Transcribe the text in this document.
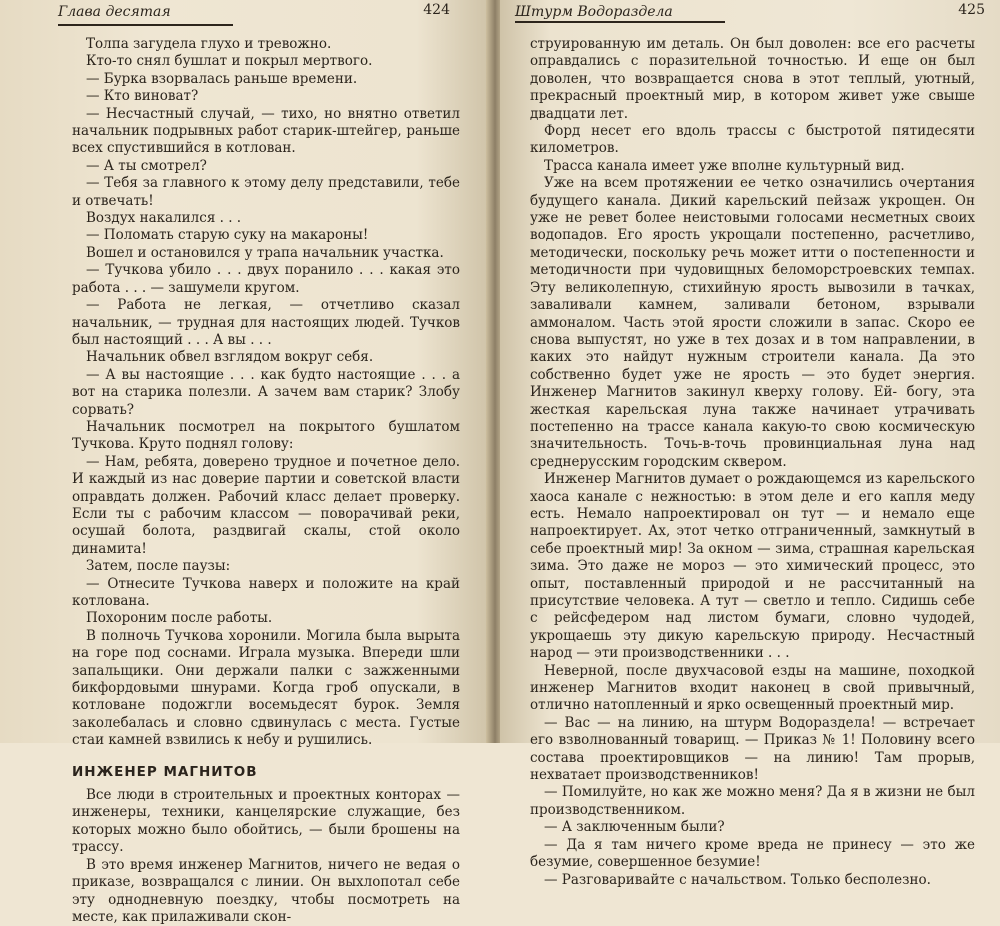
Глава десятая	424

Толпа загудела глухо и тревожно.

Кто-то снял бушлат и покрыл мертвого.

— Бурка взорвалась раньше времени.

— Кто виноват?

— Несчастный случай, — тихо, но внятно ответил начальник подрывных работ старик-штейгер, раньше всех спустившийся в котлован.

— А ты смотрел?

— Тебя за главного к этому делу представили, тебе и отвечать!

Воздух накалился . . .

— Поломать старую суку на макароны!

Вошел и остановился у трапа начальник участка.

— Тучкова убило . . . двух поранило . . . какая это работа . . . — зашумели кругом.

— Работа не легкая, — отчетливо сказал начальник, — трудная для настоящих людей. Тучков был настоящий . . . А вы . . .

Начальник обвел взглядом вокруг себя.

— А вы настоящие . . . как будто настоящие . . . а вот на старика полезли. А зачем вам старик? Злобу сорвать?

Начальник посмотрел на покрытого бушлатом Тучкова. Круто поднял голову:

— Нам, ребята, доверено трудное и почетное дело. И каждый из нас доверие партии и советской власти оправдать должен. Рабочий класс делает проверку. Если ты с рабочим классом — поворачивай реки, осушай болота, раздвигай скалы, стой около динамита!

Затем, после паузы:

— Отнесите Тучкова наверх и положите на край котлована.

Похороним после работы.

В полночь Тучкова хоронили. Могила была вырыта на горе под соснами. Играла музыка. Впереди шли запальщики. Они держали палки с зажженными бикфордовыми шнурами. Когда гроб опускали, в котловане подожгли восемьдесят бурок. Земля заколебалась и словно сдвинулась с места. Густые стаи камней взвились к небу и рушились.

ИНЖЕНЕР МАГНИТОВ

Все люди в строительных и проектных конторах — инженеры, техники, канцелярские служащие, без которых можно было обойтись, — были брошены на трассу.

В это время инженер Магнитов, ничего не ведая о приказе, возвращался с линии. Он выхлопотал себе эту однодневную поездку, чтобы посмотреть на месте, как прилаживали скон-

Штурм Водораздела	425

струированную им деталь. Он был доволен: все его расчеты оправдались с поразительной точностью. И еще он был доволен, что возвращается снова в этот теплый, уютный, прекрасный проектный мир, в котором живет уже свыше двадцати лет.

Форд несет его вдоль трассы с быстротой пятидесяти километров.

Трасса канала имеет уже вполне культурный вид.

Уже на всем протяжении ее четко означились очертания будущего канала. Дикий карельский пейзаж укрощен. Он уже не ревет более неистовыми голосами несметных своих водопадов. Его ярость укрощали постепенно, расчетливо, методически, поскольку речь может итти о постепенности и методичности при чудовищных беломорстроевских темпах. Эту великолепную, стихийную ярость вывозили в тачках, заваливали камнем, заливали бетоном, взрывали аммоналом. Часть этой ярости сложили в запас. Скоро ее снова выпустят, но уже в тех дозах и в том направлении, в каких это найдут нужным строители канала. Да это собственно будет уже не ярость — это будет энергия. Инженер Магнитов закинул кверху голову. Ей- богу, эта жесткая карельская луна также начинает утрачивать постепенно на трассе канала какую-то свою космическую значительность. Точь-в-точь провинциальная луна над среднерусским городским сквером.

Инженер Магнитов думает о рождающемся из карельского хаоса канале с нежностью: в этом деле и его капля меду есть. Немало напроектировал он тут — и немало еще напроектирует. Ах, этот четко отграниченный, замкнутый в себе проектный мир! За окном — зима, страшная карельская зима. Это даже не мороз — это химический процесс, это опыт, поставленный природой и не рассчитанный на присутствие человека. А тут — светло и тепло. Сидишь себе с рейсфедером над листом бумаги, словно чудодей, укрощаешь эту дикую карельскую природу. Несчастный народ — эти производственники . . .

Неверной, после двухчасовой езды на машине, походкой инженер Магнитов входит наконец в свой привычный, отлично натопленный и ярко освещенный проектный мир.

— Вас — на линию, на штурм Водораздела! — встречает его взволнованный товарищ. — Приказ № 1! Половину всего состава проектировщиков — на линию! Там прорыв, нехватает производственников!

— Помилуйте, но как же можно меня? Да я в жизни не был производственником.

— А заключенным были?

— Да я там ничего кроме вреда не принесу — это же безумие, совершенное безумие!

— Разговаривайте с начальством. Только бесполезно.
